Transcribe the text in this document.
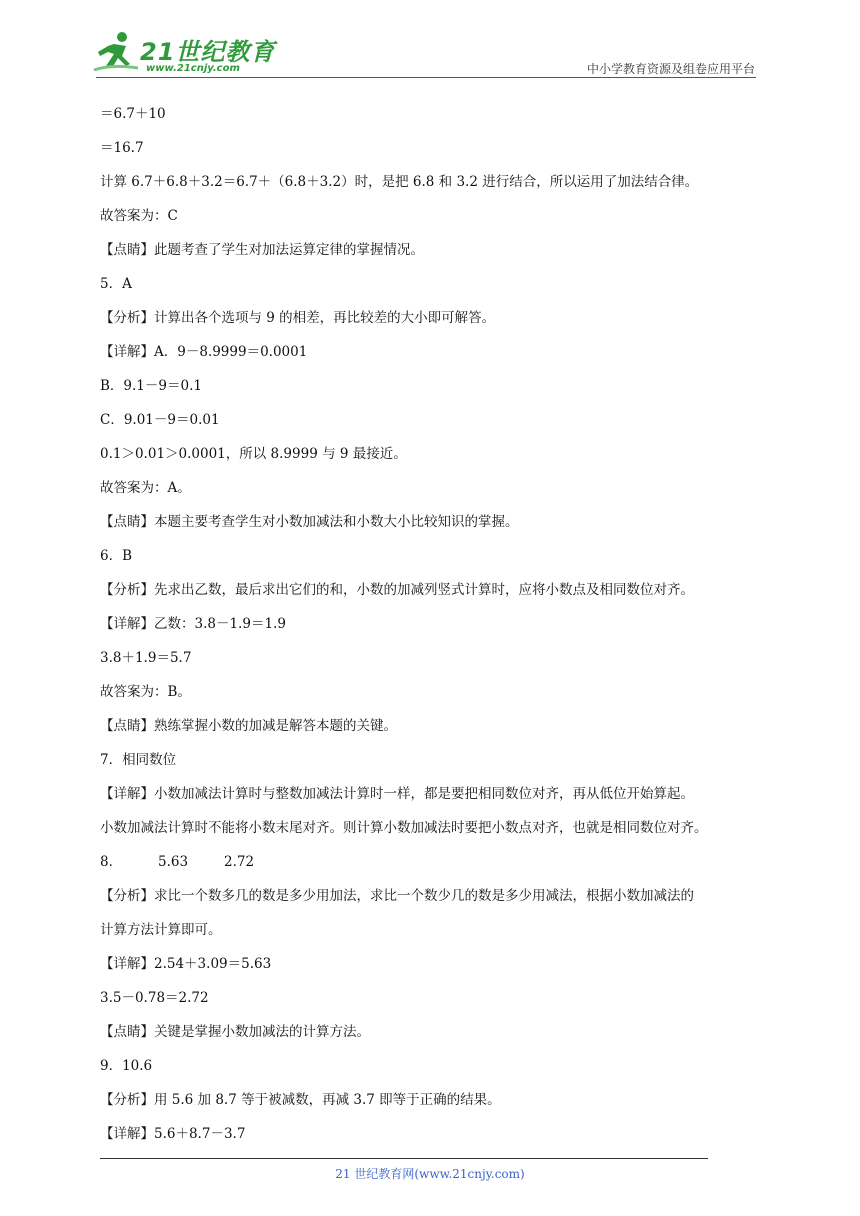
21世纪教育
www.21cnjy.com	中小学教育资源及组卷应用平台
＝6.7＋10
＝16.7
计算 6.7＋6.8＋3.2＝6.7＋（6.8＋3.2）时，是把 6.8 和 3.2 进行结合，所以运用了加法结合律。
故答案为：C
【点睛】此题考查了学生对加法运算定律的掌握情况。
5．A
【分析】计算出各个选项与 9 的相差，再比较差的大小即可解答。
【详解】A．9－8.9999＝0.0001
B．9.1－9＝0.1
C．9.01－9＝0.01
0.1＞0.01＞0.0001，所以 8.9999 与 9 最接近。
故答案为：A。
【点睛】本题主要考查学生对小数加减法和小数大小比较知识的掌握。
6．B
【分析】先求出乙数，最后求出它们的和，小数的加减列竖式计算时，应将小数点及相同数位对齐。
【详解】乙数：3.8－1.9＝1.9
3.8＋1.9＝5.7
故答案为：B。
【点睛】熟练掌握小数的加减是解答本题的关键。
7．相同数位
【详解】小数加减法计算时与整数加减法计算时一样，都是要把相同数位对齐，再从低位开始算起。
小数加减法计算时不能将小数末尾对齐。则计算小数加减法时要把小数点对齐，也就是相同数位对齐。
8．	5.63	2.72
【分析】求比一个数多几的数是多少用加法，求比一个数少几的数是多少用减法，根据小数加减法的
计算方法计算即可。
【详解】2.54＋3.09＝5.63
3.5－0.78＝2.72
【点睛】关键是掌握小数加减法的计算方法。
9．10.6
【分析】用 5.6 加 8.7 等于被减数，再减 3.7 即等于正确的结果。
【详解】5.6＋8.7－3.7
21 世纪教育网(www.21cnjy.com)
